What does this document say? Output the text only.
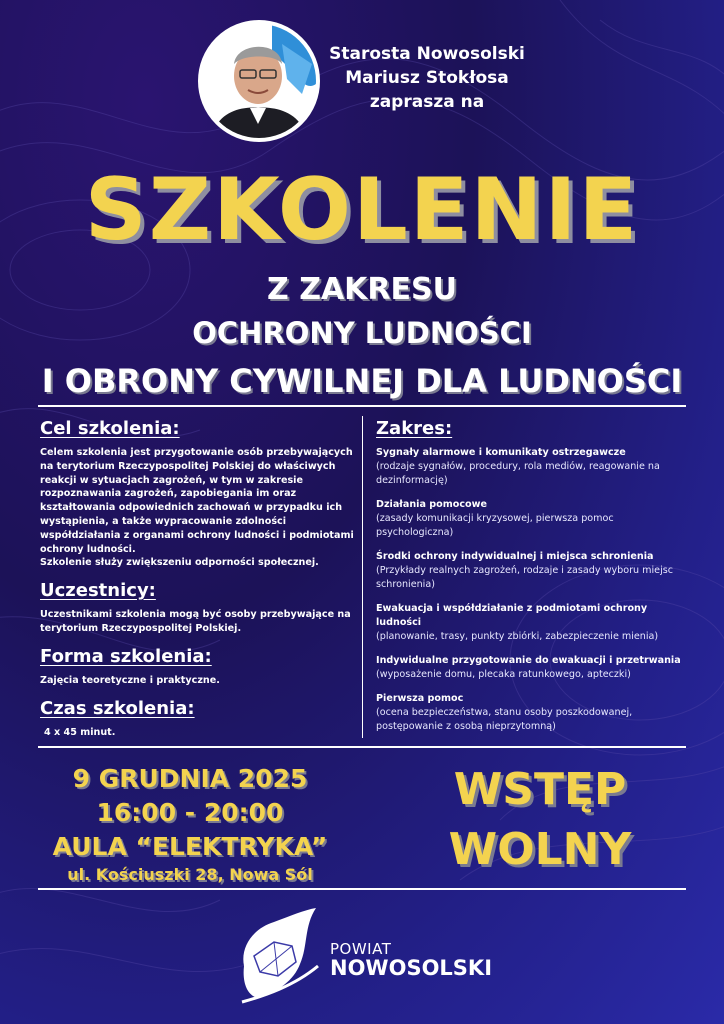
Starosta Nowosolski
Mariusz Stokłosa
zaprasza na
SZKOLENIE
Z ZAKRESU
OCHRONY LUDNOŚCI
I OBRONY CYWILNEJ DLA LUDNOŚCI

Cel szkolenia:

Celem szkolenia jest przygotowanie osób przebywających
na terytorium Rzeczypospolitej Polskiej do właściwych
reakcji w sytuacjach zagrożeń, w tym w zakresie
rozpoznawania zagrożeń, zapobiegania im oraz
kształtowania odpowiednich zachowań w przypadku ich
wystąpienia, a także wypracowanie zdolności
współdziałania z organami ochrony ludności i podmiotami
ochrony ludności.
Szkolenie służy zwiększeniu odporności społecznej.

Uczestnicy:

Uczestnikami szkolenia mogą być osoby przebywające na
terytorium Rzeczypospolitej Polskiej.

Forma szkolenia:

Zajęcia teoretyczne i praktyczne.

Czas szkolenia:

4 x 45 minut.

Zakres:

Sygnały alarmowe i komunikaty ostrzegawcze
(rodzaje sygnałów, procedury, rola mediów, reagowanie na
dezinformację)
Działania pomocowe
(zasady komunikacji kryzysowej, pierwsza pomoc
psychologiczna)
Środki ochrony indywidualnej i miejsca schronienia
(Przykłady realnych zagrożeń, rodzaje i zasady wyboru miejsc
schronienia)
Ewakuacja i współdziałanie z podmiotami ochrony ludności
(planowanie, trasy, punkty zbiórki, zabezpieczenie mienia)
Indywidualne przygotowanie do ewakuacji i przetrwania
(wyposażenie domu, plecaka ratunkowego, apteczki)
Pierwsza pomoc
(ocena bezpieczeństwa, stanu osoby poszkodowanej,
postępowanie z osobą nieprzytomną)
9 GRUDNIA 2025
16:00 - 20:00
AULA “ELEKTRYKA”
ul. Kościuszki 28, Nowa Sól
WSTĘP
WOLNY
POWIAT
NOWOSOLSKI
